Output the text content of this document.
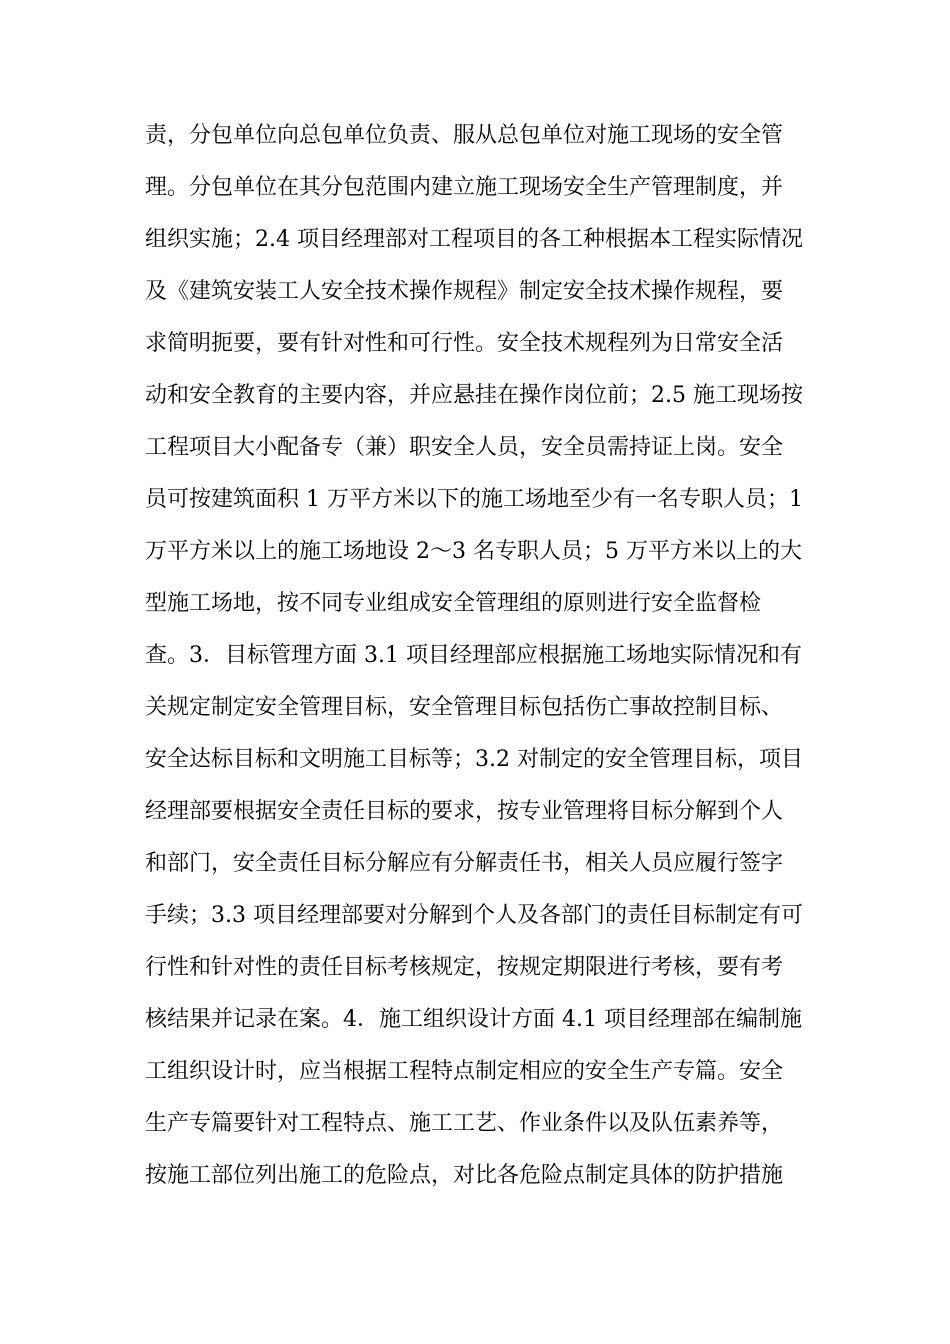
责，分包单位向总包单位负责、服从总包单位对施工现场的安全管
理。分包单位在其分包范围内建立施工现场安全生产管理制度，并
组织实施；2.4 项目经理部对工程项目的各工种根据本工程实际情况
及《建筑安装工人安全技术操作规程》制定安全技术操作规程，要
求简明扼要，要有针对性和可行性。安全技术规程列为日常安全活
动和安全教育的主要内容，并应悬挂在操作岗位前；2.5 施工现场按
工程项目大小配备专（兼）职安全人员，安全员需持证上岗。安全
员可按建筑面积 1 万平方米以下的施工场地至少有一名专职人员；1
万平方米以上的施工场地设 2～3 名专职人员；5 万平方米以上的大
型施工场地，按不同专业组成安全管理组的原则进行安全监督检
查。3．目标管理方面 3.1 项目经理部应根据施工场地实际情况和有
关规定制定安全管理目标，安全管理目标包括伤亡事故控制目标、
安全达标目标和文明施工目标等；3.2 对制定的安全管理目标，项目
经理部要根据安全责任目标的要求，按专业管理将目标分解到个人
和部门，安全责任目标分解应有分解责任书，相关人员应履行签字
手续；3.3 项目经理部要对分解到个人及各部门的责任目标制定有可
行性和针对性的责任目标考核规定，按规定期限进行考核，要有考
核结果并记录在案。4．施工组织设计方面 4.1 项目经理部在编制施
工组织设计时，应当根据工程特点制定相应的安全生产专篇。安全
生产专篇要针对工程特点、施工工艺、作业条件以及队伍素养等，
按施工部位列出施工的危险点，对比各危险点制定具体的防护措施
